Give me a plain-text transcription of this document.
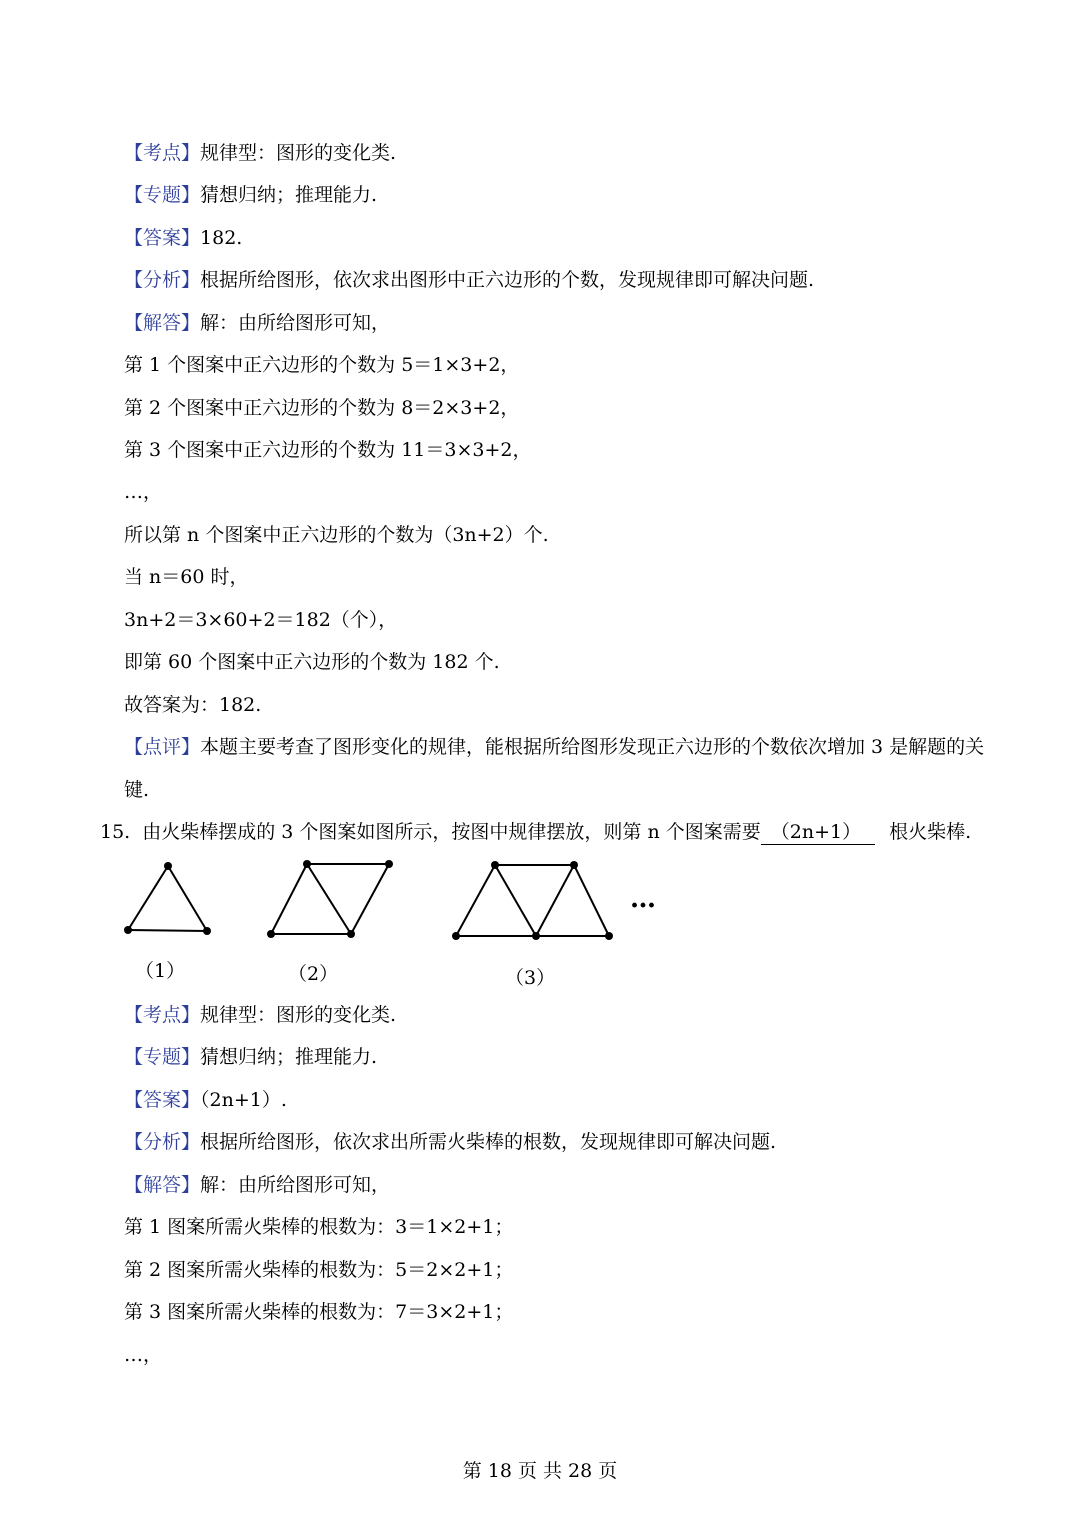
【考点】规律型：图形的变化类.
【专题】猜想归纳；推理能力.
【答案】182.
【分析】根据所给图形，依次求出图形中正六边形的个数，发现规律即可解决问题.
【解答】解：由所给图形可知，
第 1 个图案中正六边形的个数为 5＝1×3+2，
第 2 个图案中正六边形的个数为 8＝2×3+2，
第 3 个图案中正六边形的个数为 11＝3×3+2，
…，
所以第 n 个图案中正六边形的个数为（3n+2）个.
当 n＝60 时，
3n+2＝3×60+2＝182（个），
即第 60 个图案中正六边形的个数为 182 个.
故答案为：182.
【点评】本题主要考查了图形变化的规律，能根据所给图形发现正六边形的个数依次增加 3 是解题的关
键.
15. 由火柴棒摆成的 3 个图案如图所示，按图中规律摆放，则第 n 个图案需要 （2n+1） 根火柴棒.
…
（1）	（2）	（3）
【考点】规律型：图形的变化类.
【专题】猜想归纳；推理能力.
【答案】（2n+1）.
【分析】根据所给图形，依次求出所需火柴棒的根数，发现规律即可解决问题.
【解答】解：由所给图形可知，
第 1 图案所需火柴棒的根数为：3＝1×2+1；
第 2 图案所需火柴棒的根数为：5＝2×2+1；
第 3 图案所需火柴棒的根数为：7＝3×2+1；
…，
第 18 页 共 28 页
